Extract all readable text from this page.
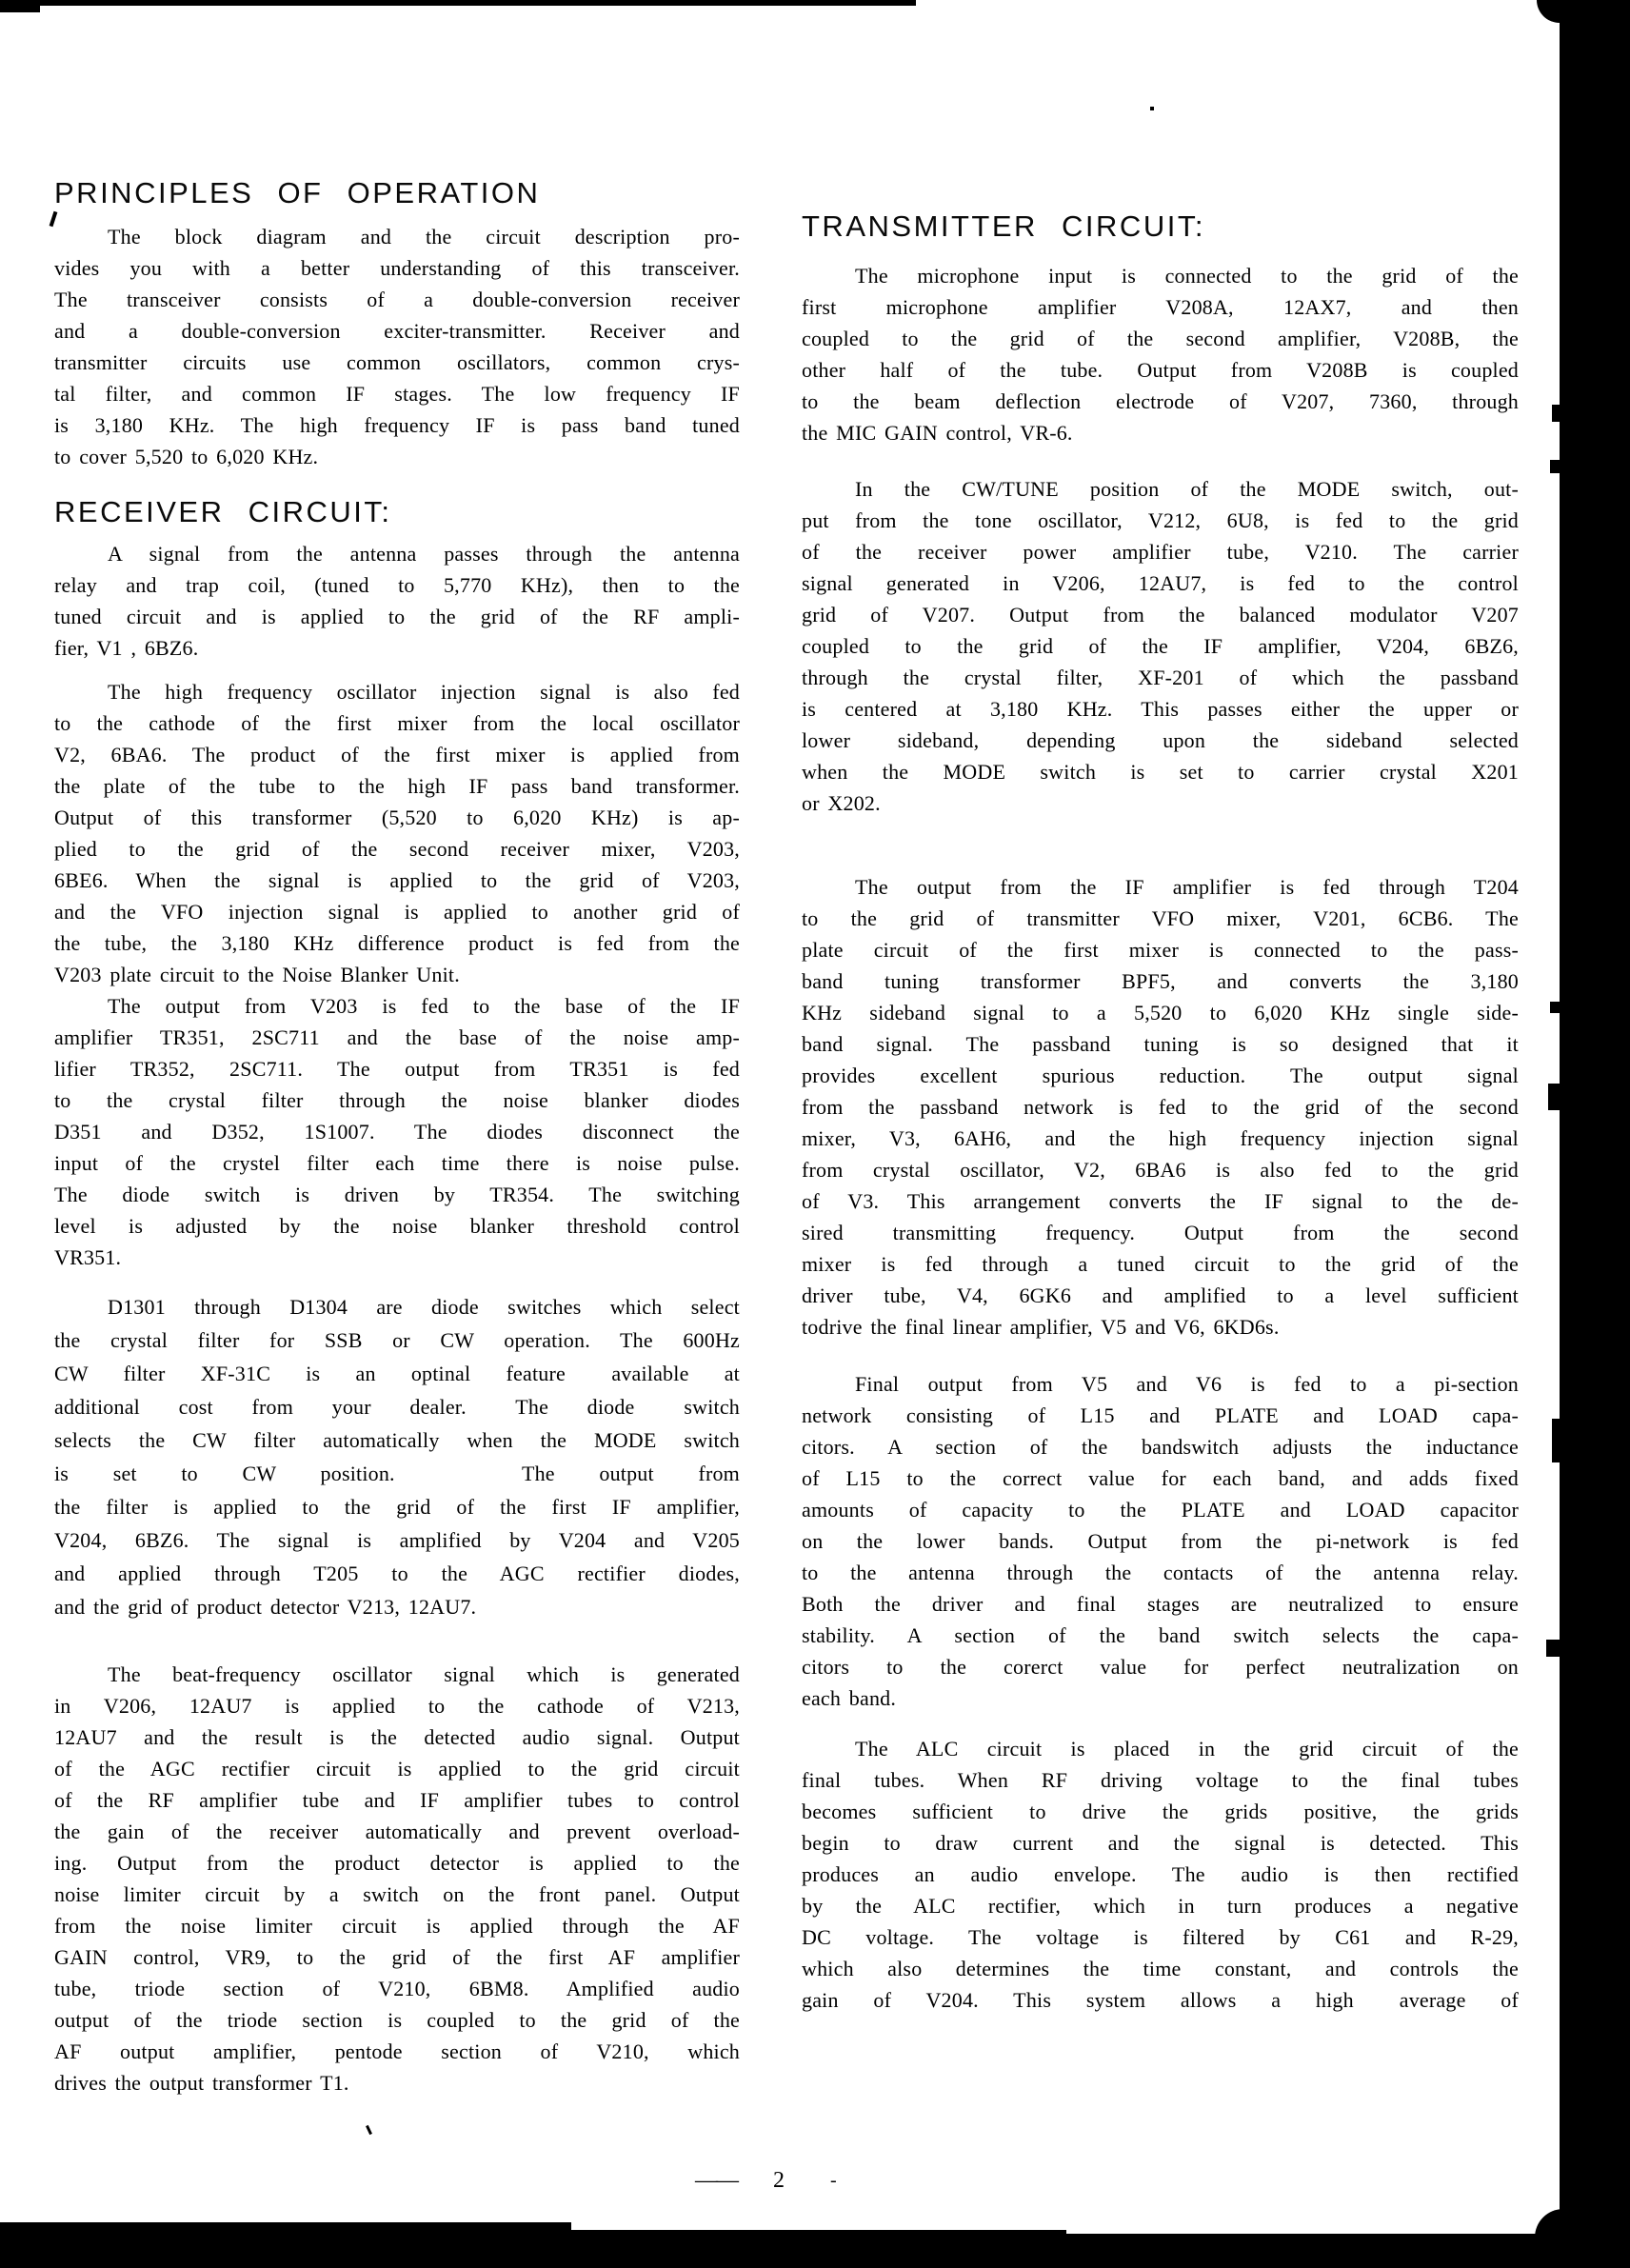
PRINCIPLES OF OPERATION
The block diagram and the circuit description pro-
vides you with a better understanding of this transceiver.
The transceiver consists of a double-conversion receiver
and a double-conversion exciter-transmitter. Receiver and
transmitter circuits use common oscillators, common crys-
tal filter, and common IF stages. The low frequency IF
is 3,180 KHz. The high frequency IF is pass band tuned
to cover 5,520 to 6,020 KHz.
RECEIVER CIRCUIT:
A signal from the antenna passes through the antenna
relay and trap coil, (tuned to 5,770 KHz), then to the
tuned circuit and is applied to the grid of the RF ampli-
fier, V1 , 6BZ6.
The high frequency oscillator injection signal is also fed
to the cathode of the first mixer from the local oscillator
V2, 6BA6. The product of the first mixer is applied from
the plate of the tube to the high IF pass band transformer.
Output of this transformer (5,520 to 6,020 KHz) is ap-
plied to the grid of the second receiver mixer, V203,
6BE6. When the signal is applied to the grid of V203,
and the VFO injection signal is applied to another grid of
the tube, the 3,180 KHz difference product is fed from the
V203 plate circuit to the Noise Blanker Unit.
The output from V203 is fed to the base of the IF
amplifier TR351, 2SC711 and the base of the noise amp-
lifier TR352, 2SC711. The output from TR351 is fed
to the crystal filter through the noise blanker diodes
D351 and D352, 1S1007. The diodes disconnect the
input of the crystel filter each time there is noise pulse.
The diode switch is driven by TR354. The switching
level is adjusted by the noise blanker threshold control
VR351.
D1301 through D1304 are diode switches which select
the crystal filter for SSB or CW operation. The 600Hz
CW filter XF-31C is an optinal feature  available at
additional cost from your dealer.  The diode  switch
selects the CW filter automatically when the MODE switch
is set to CW position.      The output from
the filter is applied to the grid of the first IF amplifier,
V204, 6BZ6. The signal is amplified by V204 and V205
and applied through T205 to the AGC rectifier diodes,
and the grid of product detector V213, 12AU7.
The beat-frequency oscillator signal which is generated
in V206, 12AU7 is applied to the cathode of V213,
12AU7 and the result is the detected audio signal. Output
of the AGC rectifier circuit is applied to the grid circuit
of the RF amplifier tube and IF amplifier tubes to control
the gain of the receiver automatically and prevent overload-
ing. Output from the product detector is applied to the
noise limiter circuit by a switch on the front panel. Output
from the noise limiter circuit is applied through the AF
GAIN control, VR9, to the grid of the first AF amplifier
tube, triode section of V210, 6BM8. Amplified audio
output of the triode section is coupled to the grid of the
AF output amplifier, pentode section of V210, which
drives the output transformer T1.
TRANSMITTER CIRCUIT:
The microphone input is connected to the grid of the
first microphone amplifier V208A, 12AX7, and then
coupled to the grid of the second amplifier, V208B, the
other half of the tube. Output from V208B is coupled
to the beam deflection electrode of V207, 7360, through
the MIC GAIN control, VR-6.
In the CW/TUNE position of the MODE switch, out-
put from the tone oscillator, V212, 6U8, is fed to the grid
of the receiver power amplifier tube, V210. The carrier
signal generated in V206, 12AU7, is fed to the control
grid of V207. Output from the balanced modulator V207
coupled to the grid of the IF amplifier, V204, 6BZ6,
through the crystal filter, XF-201 of which the passband
is centered at 3,180 KHz. This passes either the upper or
lower sideband, depending upon the sideband selected
when the MODE switch is set to carrier crystal X201
or X202.
The output from the IF amplifier is fed through T204
to the grid of transmitter VFO mixer, V201, 6CB6. The
plate circuit of the first mixer is connected to the pass-
band tuning transformer BPF5, and converts the 3,180
KHz sideband signal to a 5,520 to 6,020 KHz single side-
band signal. The passband tuning is so designed that it
provides excellent spurious reduction. The output signal
from the passband network is fed to the grid of the second
mixer, V3, 6AH6, and the high frequency injection signal
from crystal oscillator, V2, 6BA6 is also fed to the grid
of V3. This arrangement converts the IF signal to the de-
sired transmitting frequency. Output from the second
mixer is fed through a tuned circuit to the grid of the
driver tube, V4, 6GK6 and amplified to a level sufficient
todrive the final linear amplifier, V5 and V6, 6KD6s.
Final output from V5 and V6 is fed to a pi-section
network consisting of L15 and PLATE and LOAD capa-
citors. A section of the bandswitch adjusts the inductance
of L15 to the correct value for each band, and adds fixed
amounts of capacity to the PLATE and LOAD capacitor
on the lower bands. Output from the pi-network is fed
to the antenna through the contacts of the antenna relay.
Both the driver and final stages are neutralized to ensure
stability. A section of the band switch selects the capa-
citors to the corerct value for perfect neutralization on
each band.
The ALC circuit is placed in the grid circuit of the
final tubes. When RF driving voltage to the final tubes
becomes sufficient to drive the grids positive, the grids
begin to draw current and the signal is detected. This
produces an audio envelope. The audio is then rectified
by the ALC rectifier, which in turn produces a negative
DC voltage. The voltage is filtered by C61 and R-29,
which also determines the time constant, and controls the
gain of V204. This system allows a high  average of
—— 2 -
